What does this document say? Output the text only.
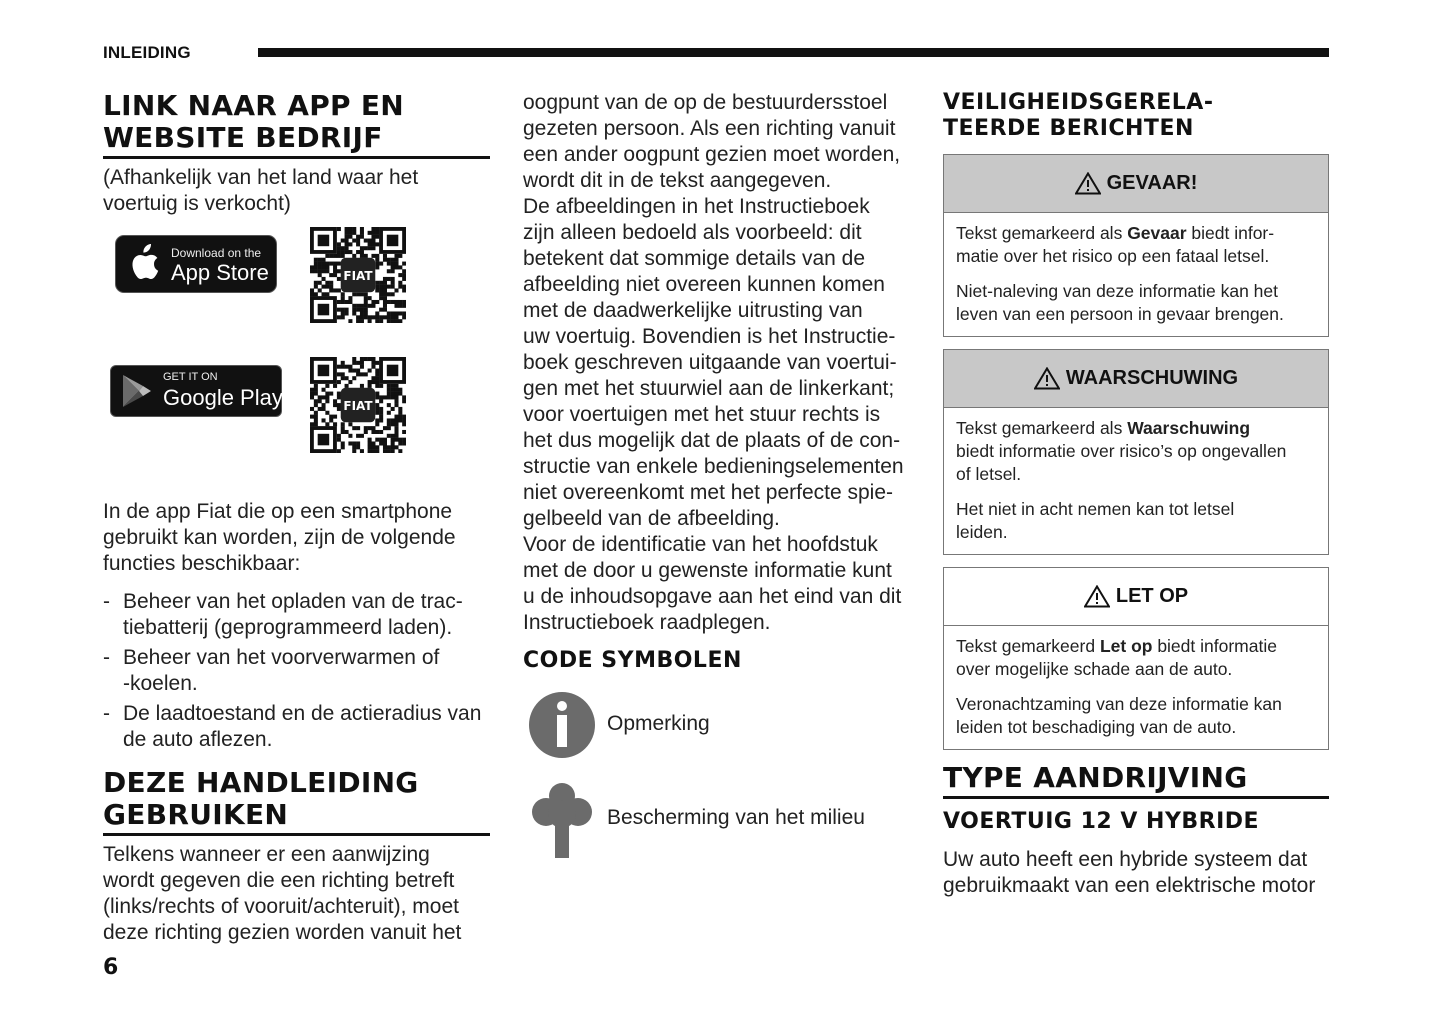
INLEIDING
LINK NAAR APP EN WEBSITE BEDRIJF

(Afhankelijk van het land waar het
voertuig is verkocht)

Download on the
App Store	FIAT
GET IT ON
Google Play	FIAT

In de app Fiat die op een smartphone
gebruikt kan worden, zijn de volgende
functies beschikbaar:

- Beheer van het opladen van de trac-
tiebatterij (geprogrammeerd laden).
- Beheer van het voorverwarmen of
-koelen.
- De laadtoestand en de actieradius van
de auto aflezen.
DEZE HANDLEIDING GEBRUIKEN

Telkens wanneer er een aanwijzing
wordt gegeven die een richting betreft
(links/rechts of vooruit/achteruit), moet
deze richting gezien worden vanuit het

oogpunt van de op de bestuurdersstoel
gezeten persoon. Als een richting vanuit
een ander oogpunt gezien moet worden,
wordt dit in de tekst aangegeven.
De afbeeldingen in het Instructieboek
zijn alleen bedoeld als voorbeeld: dit
betekent dat sommige details van de
afbeelding niet overeen kunnen komen
met de daadwerkelijke uitrusting van
uw voertuig. Bovendien is het Instructie-
boek geschreven uitgaande van voertui-
gen met het stuurwiel aan de linkerkant;
voor voertuigen met het stuur rechts is
het dus mogelijk dat de plaats of de con-
structie van enkele bedieningselementen
niet overeenkomt met het perfecte spie-
gelbeeld van de afbeelding.
Voor de identificatie van het hoofdstuk
met de door u gewenste informatie kunt
u de inhoudsopgave aan het eind van dit
Instructieboek raadplegen.

CODE SYMBOLEN
Opmerking
Bescherming van het milieu
VEILIGHEIDSGERELA-
TEERDE BERICHTEN
GEVAAR!

Tekst gemarkeerd als Gevaar biedt infor-
matie over het risico op een fataal letsel.

Niet-naleving van deze informatie kan het
leven van een persoon in gevaar brengen.

WAARSCHUWING

Tekst gemarkeerd als Waarschuwing
biedt informatie over risico’s op ongevallen
of letsel.

Het niet in acht nemen kan tot letsel
leiden.

LET OP

Tekst gemarkeerd Let op biedt informatie
over mogelijke schade aan de auto.

Veronachtzaming van deze informatie kan
leiden tot beschadiging van de auto.

TYPE AANDRIJVING
VOERTUIG 12 V HYBRIDE

Uw auto heeft een hybride systeem dat
gebruikmaakt van een elektrische motor

6
